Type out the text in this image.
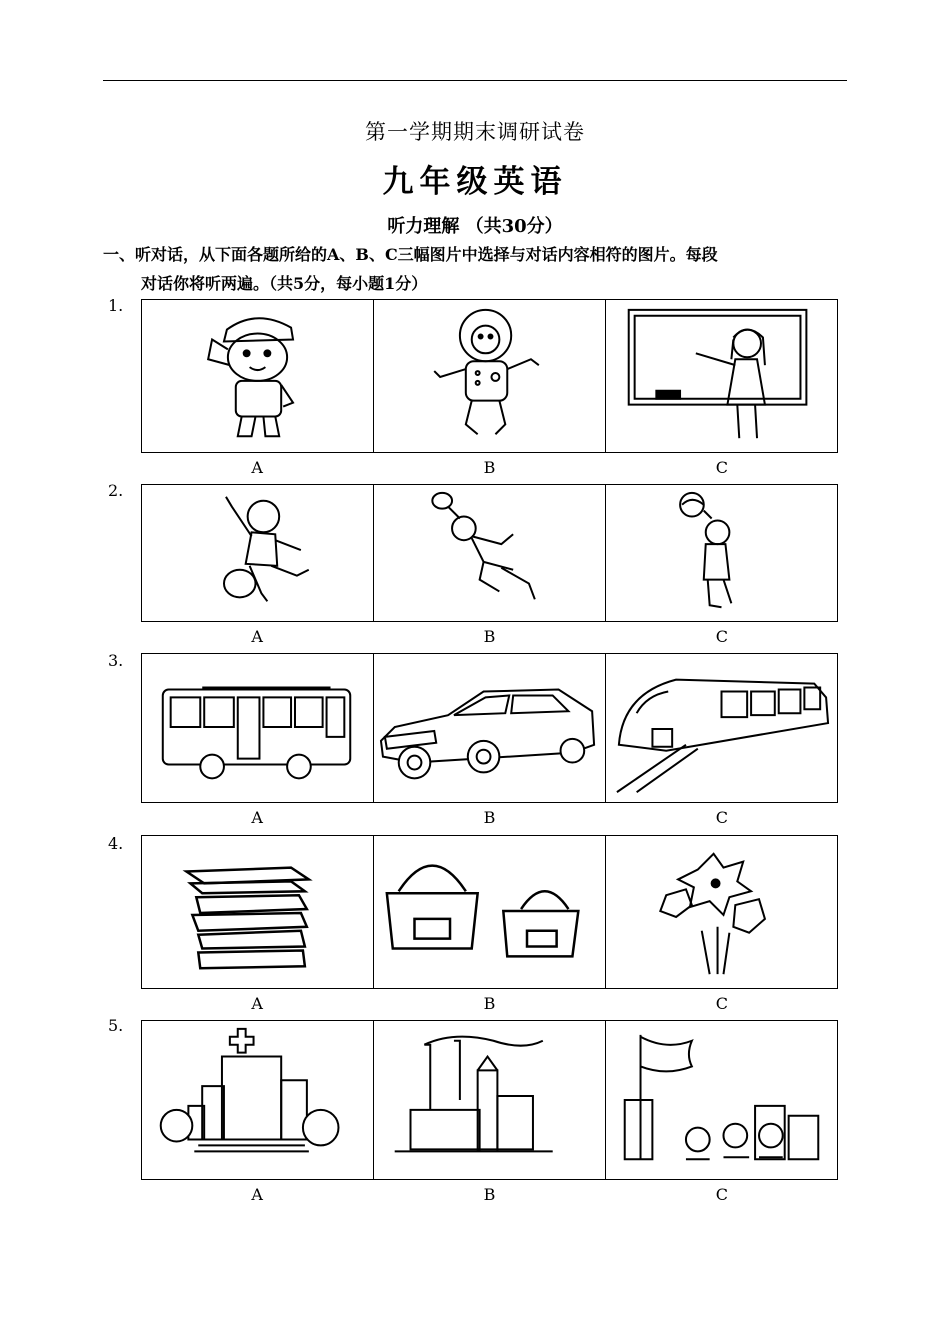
第一学期期末调研试卷
九年级英语
听力理解 （共30分）
一、听对话，从下面各题所给的A、B、C三幅图片中选择与对话内容相符的图片。每段
对话你将听两遍。（共5分，每小题1分）
1.
A	B	C
2.
A	B	C
3.
A	B	C
4.
A	B	C
5.
A	B	C
